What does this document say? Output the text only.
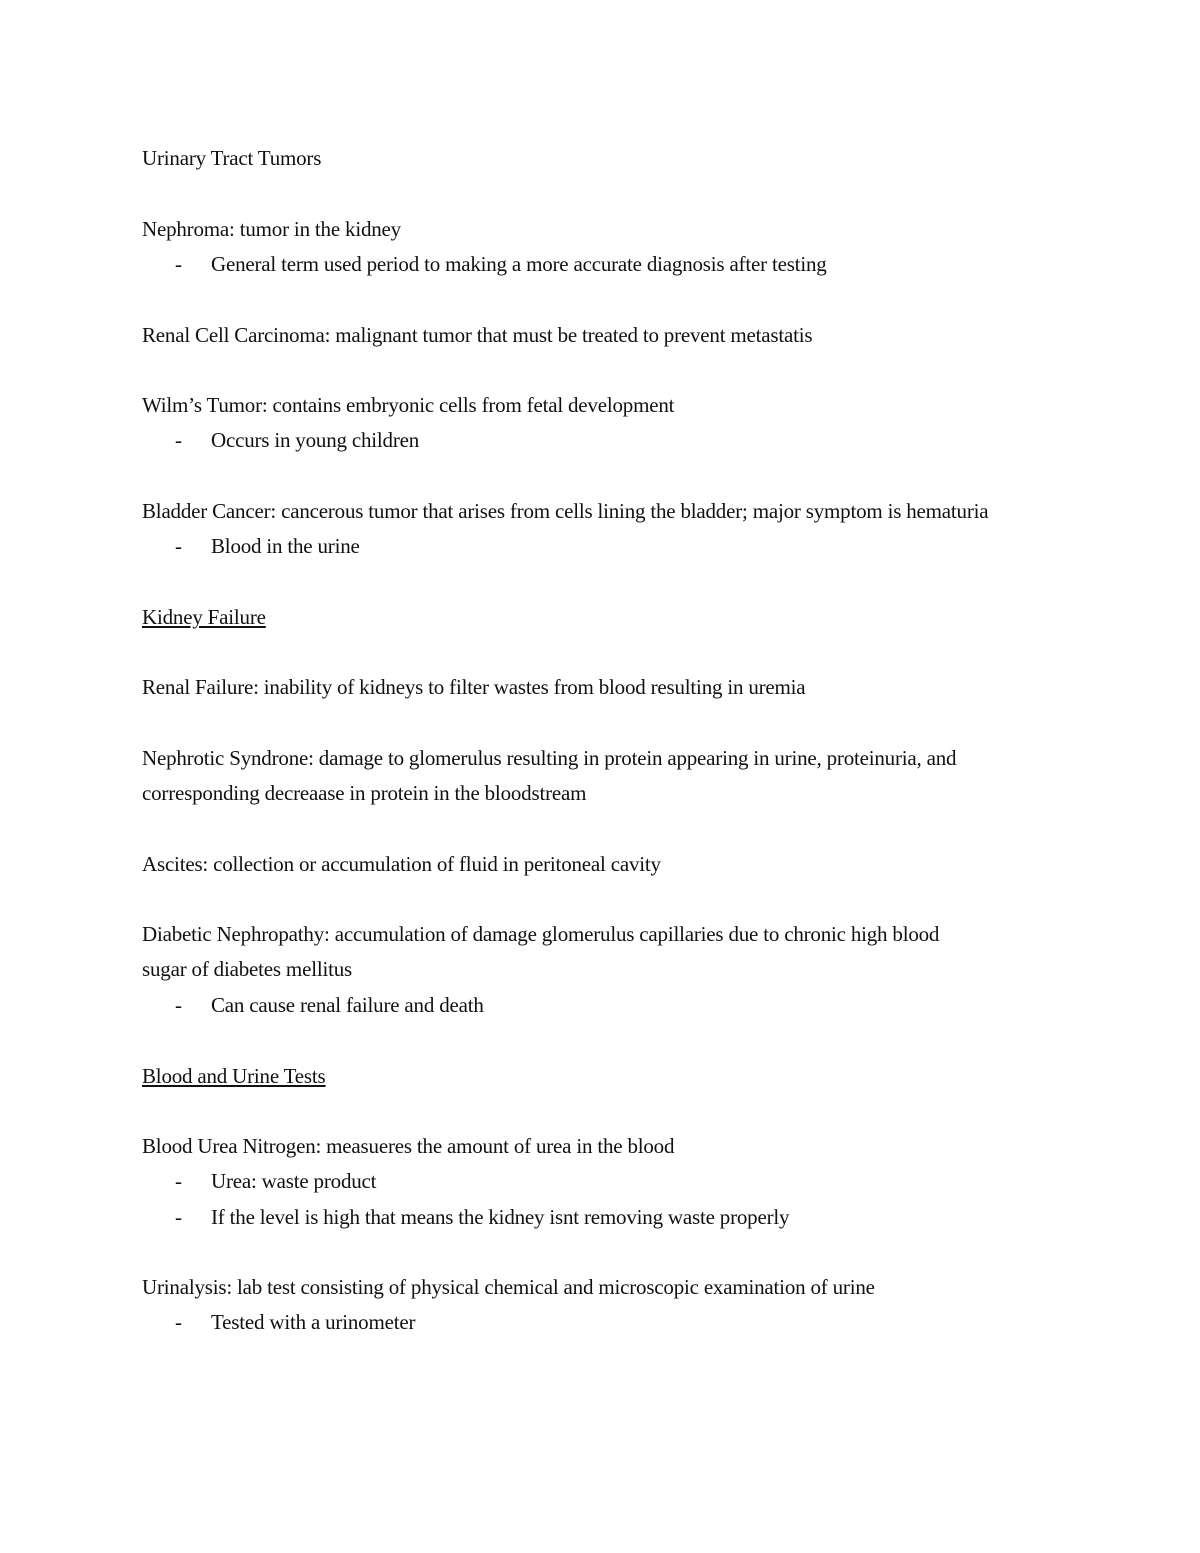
Urinary Tract Tumors
Nephroma: tumor in the kidney
- General term used period to making a more accurate diagnosis after testing
Renal Cell Carcinoma: malignant tumor that must be treated to prevent metastatis
Wilm’s Tumor: contains embryonic cells from fetal development
- Occurs in young children
Bladder Cancer: cancerous tumor that arises from cells lining the bladder; major symptom is hematuria
- Blood in the urine
Kidney Failure
Renal Failure: inability of kidneys to filter wastes from blood resulting in uremia
Nephrotic Syndrone: damage to glomerulus resulting in protein appearing in urine, proteinuria, and
corresponding decreaase in protein in the bloodstream
Ascites: collection or accumulation of fluid in peritoneal cavity
Diabetic Nephropathy: accumulation of damage glomerulus capillaries due to chronic high blood
sugar of diabetes mellitus
- Can cause renal failure and death
Blood and Urine Tests
Blood Urea Nitrogen: measueres the amount of urea in the blood
- Urea: waste product
- If the level is high that means the kidney isnt removing waste properly
Urinalysis: lab test consisting of physical chemical and microscopic examination of urine
- Tested with a urinometer
